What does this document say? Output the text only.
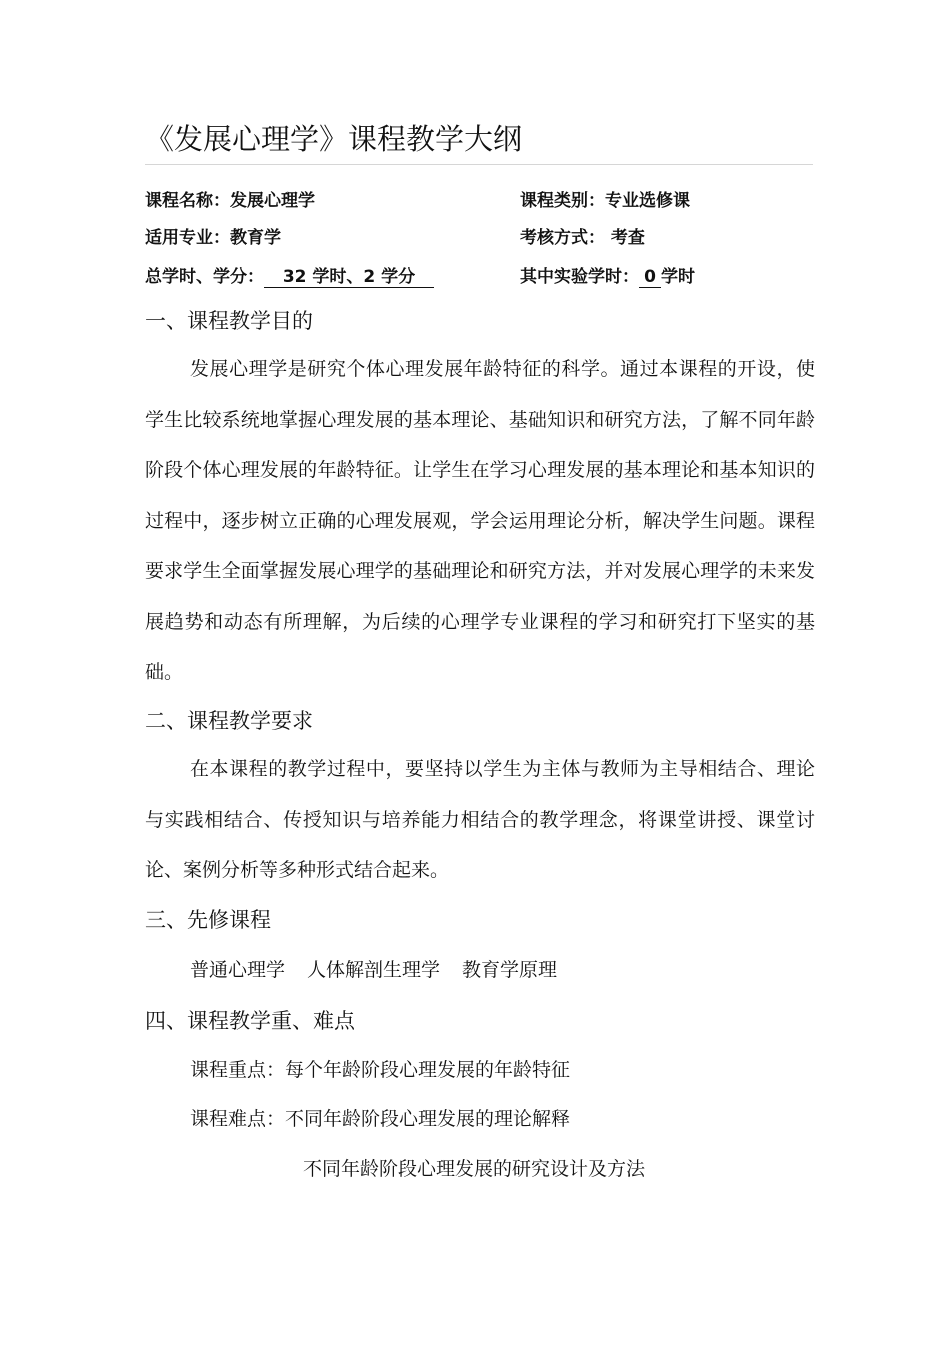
《发展心理学》课程教学大纲
课程名称：发展心理学	课程类别：专业选修课
适用专业：教育学	考核方式： 考查
总学时、学分： 32 学时、2 学分	其中实验学时： 0 学时
一、课程教学目的
发展心理学是研究个体心理发展年龄特征的科学。通过本课程的开设，使学生比较系统地掌握心理发展的基本理论、基础知识和研究方法，了解不同年龄阶段个体心理发展的年龄特征。让学生在学习心理发展的基本理论和基本知识的过程中，逐步树立正确的心理发展观，学会运用理论分析，解决学生问题。课程要求学生全面掌握发展心理学的基础理论和研究方法，并对发展心理学的未来发展趋势和动态有所理解，为后续的心理学专业课程的学习和研究打下坚实的基础。
二、课程教学要求
在本课程的教学过程中，要坚持以学生为主体与教师为主导相结合、理论与实践相结合、传授知识与培养能力相结合的教学理念，将课堂讲授、课堂讨论、案例分析等多种形式结合起来。
三、先修课程
普通心理学 人体解剖生理学 教育学原理
四、课程教学重、难点
课程重点：每个年龄阶段心理发展的年龄特征
课程难点：不同年龄阶段心理发展的理论解释
不同年龄阶段心理发展的研究设计及方法
